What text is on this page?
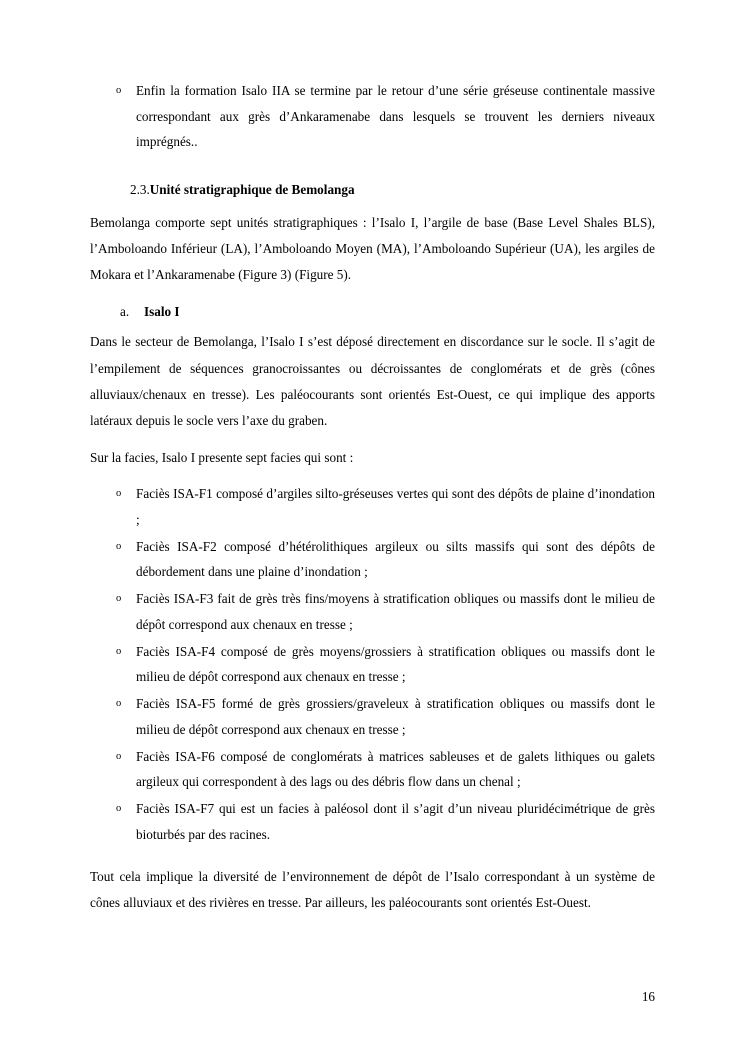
o Enfin la formation Isalo IIA se termine par le retour d’une série gréseuse continentale massive correspondant aux grès d’Ankaramenabe dans lesquels se trouvent les derniers niveaux imprégnés..
2.3.Unité stratigraphique de Bemolanga

Bemolanga comporte sept unités stratigraphiques : l’Isalo I, l’argile de base (Base Level Shales BLS), l’Amboloando Inférieur (LA), l’Amboloando Moyen (MA), l’Amboloando Supérieur (UA), les argiles de Mokara et l’Ankaramenabe (Figure 3) (Figure 5).

a. Isalo I

Dans le secteur de Bemolanga, l’Isalo I s’est déposé directement en discordance sur le socle. Il s’agit de l’empilement de séquences granocroissantes ou décroissantes de conglomérats et de grès (cônes alluviaux/chenaux en tresse). Les paléocourants sont orientés Est-Ouest, ce qui implique des apports latéraux depuis le socle vers l’axe du graben.

Sur la facies, Isalo I presente sept facies qui sont :

o Faciès ISA-F1 composé d’argiles silto-gréseuses vertes qui sont des dépôts de plaine d’inondation ;
o Faciès ISA-F2 composé d’hétérolithiques argileux ou silts massifs qui sont des dépôts de débordement dans une plaine d’inondation ;
o Faciès ISA-F3 fait de grès très fins/moyens à stratification obliques ou massifs dont le milieu de dépôt correspond aux chenaux en tresse ;
o Faciès ISA-F4 composé de grès moyens/grossiers à stratification obliques ou massifs dont le milieu de dépôt correspond aux chenaux en tresse ;
o Faciès ISA-F5 formé de grès grossiers/graveleux à stratification obliques ou massifs dont le milieu de dépôt correspond aux chenaux en tresse ;
o Faciès ISA-F6 composé de conglomérats à matrices sableuses et de galets lithiques ou galets argileux qui correspondent à des lags ou des débris flow dans un chenal ;
o Faciès ISA-F7 qui est un facies à paléosol dont il s’agit d’un niveau pluridécimétrique de grès bioturbés par des racines.

Tout cela implique la diversité de l’environnement de dépôt de l’Isalo correspondant à un système de cônes alluviaux et des rivières en tresse. Par ailleurs, les paléocourants sont orientés Est-Ouest.

16
